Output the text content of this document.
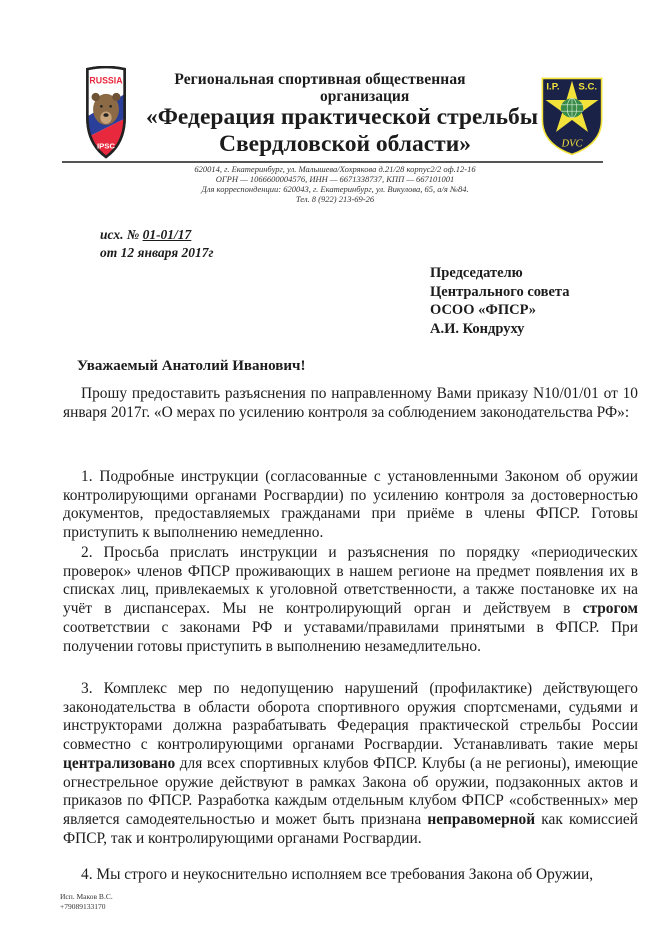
RUSSIA
IPSC
I.P. S.C.
DVC
Региональная спортивная общественная
организация
«Федерация практической стрельбы
Свердловской области»
620014, г. Екатеринбург, ул. Малышева/Хохрякова д.21/28 корпус2/2 оф.12-16
ОГРН — 1066600004576, ИНН — 6671338737, КПП — 667101001
Для корреспонденции: 620043, г. Екатеринбург, ул. Викулова, 65, а/я №84.
Тел. 8 (922) 213-69-26
исх. № 01-01/17
от 12 января 2017г
Председателю
Центрального совета
ОСОО «ФПСР»
А.И. Кондруху
Уважаемый Анатолий Иванович!
Прошу предоставить разъяснения по направленному Вами приказу N10/01/01 от 10 января 2017г. «О мерах по усилению контроля за соблюдением законодательства РФ»:
1. Подробные инструкции (согласованные с установленными Законом об оружии контролирующими органами Росгвардии) по усилению контроля за достоверностью документов, предоставляемых гражданами при приёме в члены ФПСР. Готовы приступить к выполнению немедленно.
2. Просьба прислать инструкции и разъяснения по порядку «периодических проверок» членов ФПСР проживающих в нашем регионе на предмет появления их в списках лиц, привлекаемых к уголовной ответственности, а также постановке их на учёт в диспансерах. Мы не контролирующий орган и действуем в строгом соответствии с законами РФ и уставами/правилами принятыми в ФПСР. При получении готовы приступить в выполнению незамедлительно.
3. Комплекс мер по недопущению нарушений (профилактике) действующего законодательства в области оборота спортивного оружия спортсменами, судьями и инструкторами должна разрабатывать Федерация практической стрельбы России совместно с контролирующими органами Росгвардии. Устанавливать такие меры централизовано для всех спортивных клубов ФПСР. Клубы (а не регионы), имеющие огнестрельное оружие действуют в рамках Закона об оружии, подзаконных актов и приказов по ФПСР. Разработка каждым отдельным клубом ФПСР «собственных» мер является самодеятельностью и может быть признана неправомерной как комиссией ФПСР, так и контролирующими органами Росгвардии.
4. Мы строго и неукоснительно исполняем все требования Закона об Оружии,
Исп. Маков В.С.
+79089133170
